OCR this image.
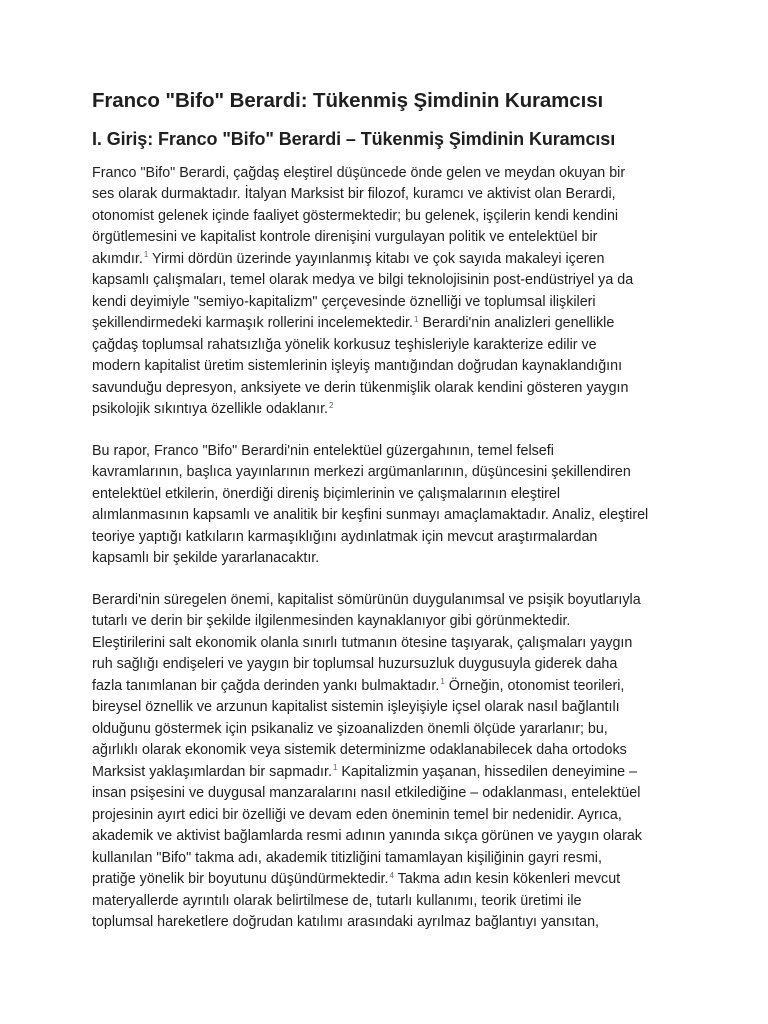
Franco "Bifo" Berardi: Tükenmiş Şimdinin Kuramcısı
I. Giriş: Franco "Bifo" Berardi – Tükenmiş Şimdinin Kuramcısı

Franco "Bifo" Berardi, çağdaş eleştirel düşüncede önde gelen ve meydan okuyan bir
ses olarak durmaktadır. İtalyan Marksist bir filozof, kuramcı ve aktivist olan Berardi,
otonomist gelenek içinde faaliyet göstermektedir; bu gelenek, işçilerin kendi kendini
örgütlemesini ve kapitalist kontrole direnişini vurgulayan politik ve entelektüel bir
akımdır.$^1$ Yirmi dördün üzerinde yayınlanmış kitabı ve çok sayıda makaleyi içeren
kapsamlı çalışmaları, temel olarak medya ve bilgi teknolojisinin post-endüstriyel ya da
kendi deyimiyle "semiyo-kapitalizm" çerçevesinde öznelliği ve toplumsal ilişkileri
şekillendirmedeki karmaşık rollerini incelemektedir.$^1$ Berardi'nin analizleri genellikle
çağdaş toplumsal rahatsızlığa yönelik korkusuz teşhisleriyle karakterize edilir ve
modern kapitalist üretim sistemlerinin işleyiş mantığından doğrudan kaynaklandığını
savunduğu depresyon, anksiyete ve derin tükenmişlik olarak kendini gösteren yaygın
psikolojik sıkıntıya özellikle odaklanır.$^2$

Bu rapor, Franco "Bifo" Berardi'nin entelektüel güzergahının, temel felsefi
kavramlarının, başlıca yayınlarının merkezi argümanlarının, düşüncesini şekillendiren
entelektüel etkilerin, önerdiği direniş biçimlerinin ve çalışmalarının eleştirel
alımlanmasının kapsamlı ve analitik bir keşfini sunmayı amaçlamaktadır. Analiz, eleştirel
teoriye yaptığı katkıların karmaşıklığını aydınlatmak için mevcut araştırmalardan
kapsamlı bir şekilde yararlanacaktır.

Berardi'nin süregelen önemi, kapitalist sömürünün duygulanımsal ve psişik boyutlarıyla
tutarlı ve derin bir şekilde ilgilenmesinden kaynaklanıyor gibi görünmektedir.
Eleştirilerini salt ekonomik olanla sınırlı tutmanın ötesine taşıyarak, çalışmaları yaygın
ruh sağlığı endişeleri ve yaygın bir toplumsal huzursuzluk duygusuyla giderek daha
fazla tanımlanan bir çağda derinden yankı bulmaktadır.$^1$ Örneğin, otonomist teorileri,
bireysel öznellik ve arzunun kapitalist sistemin işleyişiyle içsel olarak nasıl bağlantılı
olduğunu göstermek için psikanaliz ve şizoanalizden önemli ölçüde yararlanır; bu,
ağırlıklı olarak ekonomik veya sistemik determinizme odaklanabilecek daha ortodoks
Marksist yaklaşımlardan bir sapmadır.$^1$ Kapitalizmin yaşanan, hissedilen deneyimine –
insan psişesini ve duygusal manzaralarını nasıl etkilediğine – odaklanması, entelektüel
projesinin ayırt edici bir özelliği ve devam eden öneminin temel bir nedenidir. Ayrıca,
akademik ve aktivist bağlamlarda resmi adının yanında sıkça görünen ve yaygın olarak
kullanılan "Bifo" takma adı, akademik titizliğini tamamlayan kişiliğinin gayri resmi,
pratiğe yönelik bir boyutunu düşündürmektedir.$^4$ Takma adın kesin kökenleri mevcut
materyallerde ayrıntılı olarak belirtilmese de, tutarlı kullanımı, teorik üretimi ile
toplumsal hareketlere doğrudan katılımı arasındaki ayrılmaz bağlantıyı yansıtan,
